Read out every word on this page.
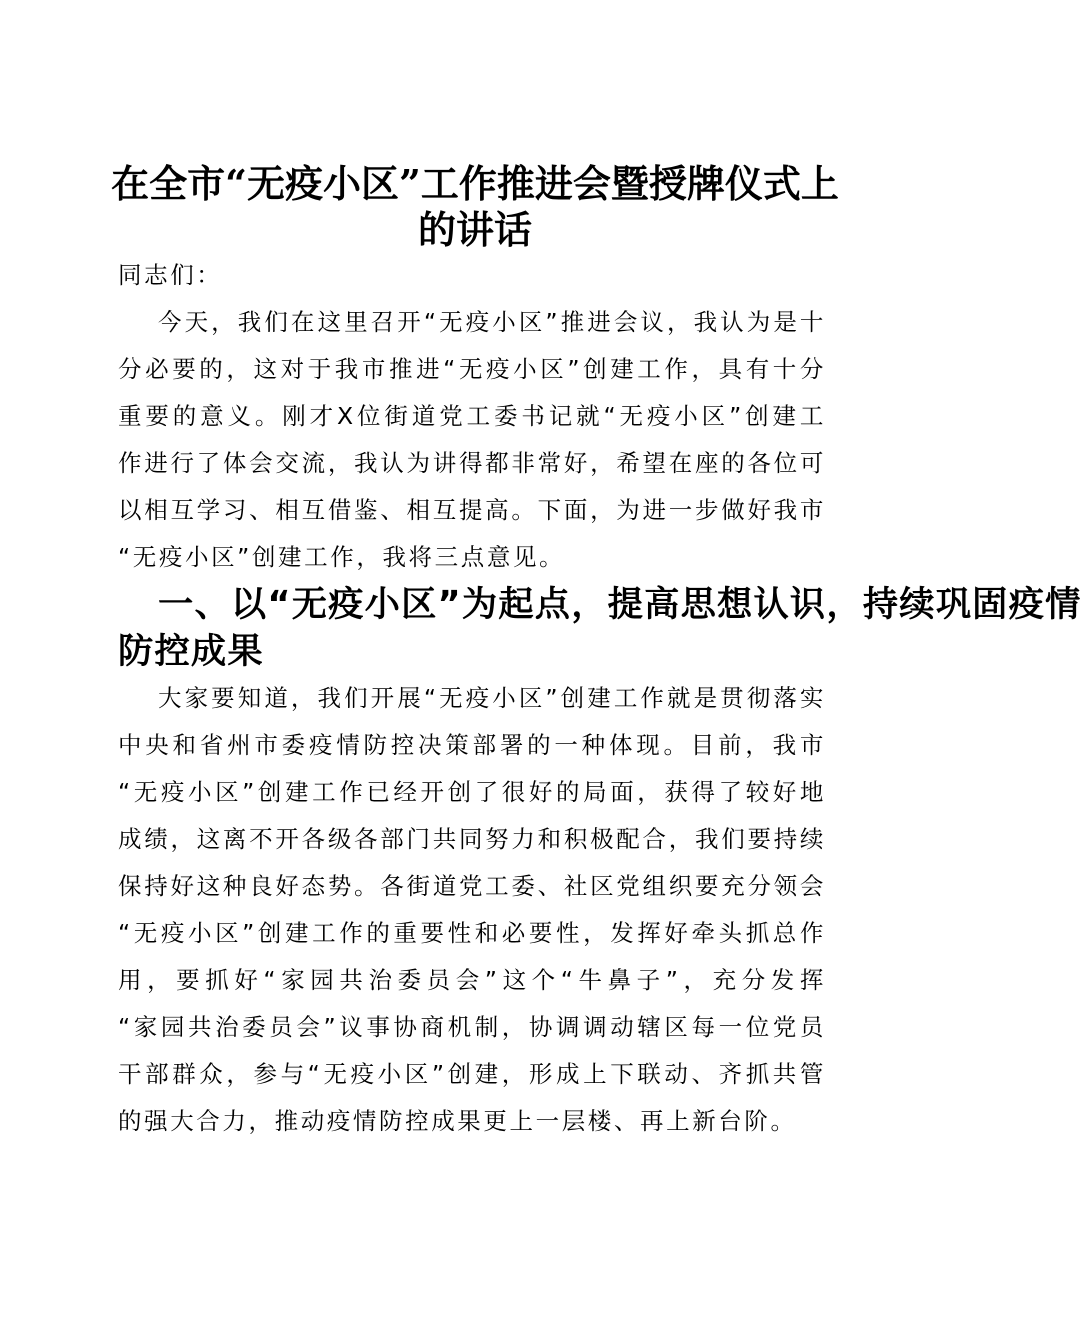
在全市“无疫小区”工作推进会暨授牌仪式上
的讲话

同志们：

今天，我们在这里召开“无疫小区”推进会议，我认为是十
分必要的，这对于我市推进“无疫小区”创建工作，具有十分
重要的意义。刚才X位街道党工委书记就“无疫小区”创建工
作进行了体会交流，我认为讲得都非常好，希望在座的各位可
以相互学习、相互借鉴、相互提高。下面，为进一步做好我市
“无疫小区”创建工作，我将三点意见。

一、以“无疫小区”为起点，提高思想认识，持续巩固疫情
防控成果

大家要知道，我们开展“无疫小区”创建工作就是贯彻落实
中央和省州市委疫情防控决策部署的一种体现。目前，我市
“无疫小区”创建工作已经开创了很好的局面，获得了较好地
成绩，这离不开各级各部门共同努力和积极配合，我们要持续
保持好这种良好态势。各街道党工委、社区党组织要充分领会
“无疫小区”创建工作的重要性和必要性，发挥好牵头抓总作
用，要抓好“家园共治委员会”这个“牛鼻子”，充分发挥
“家园共治委员会”议事协商机制，协调调动辖区每一位党员
干部群众，参与“无疫小区”创建，形成上下联动、齐抓共管
的强大合力，推动疫情防控成果更上一层楼、再上新台阶。
